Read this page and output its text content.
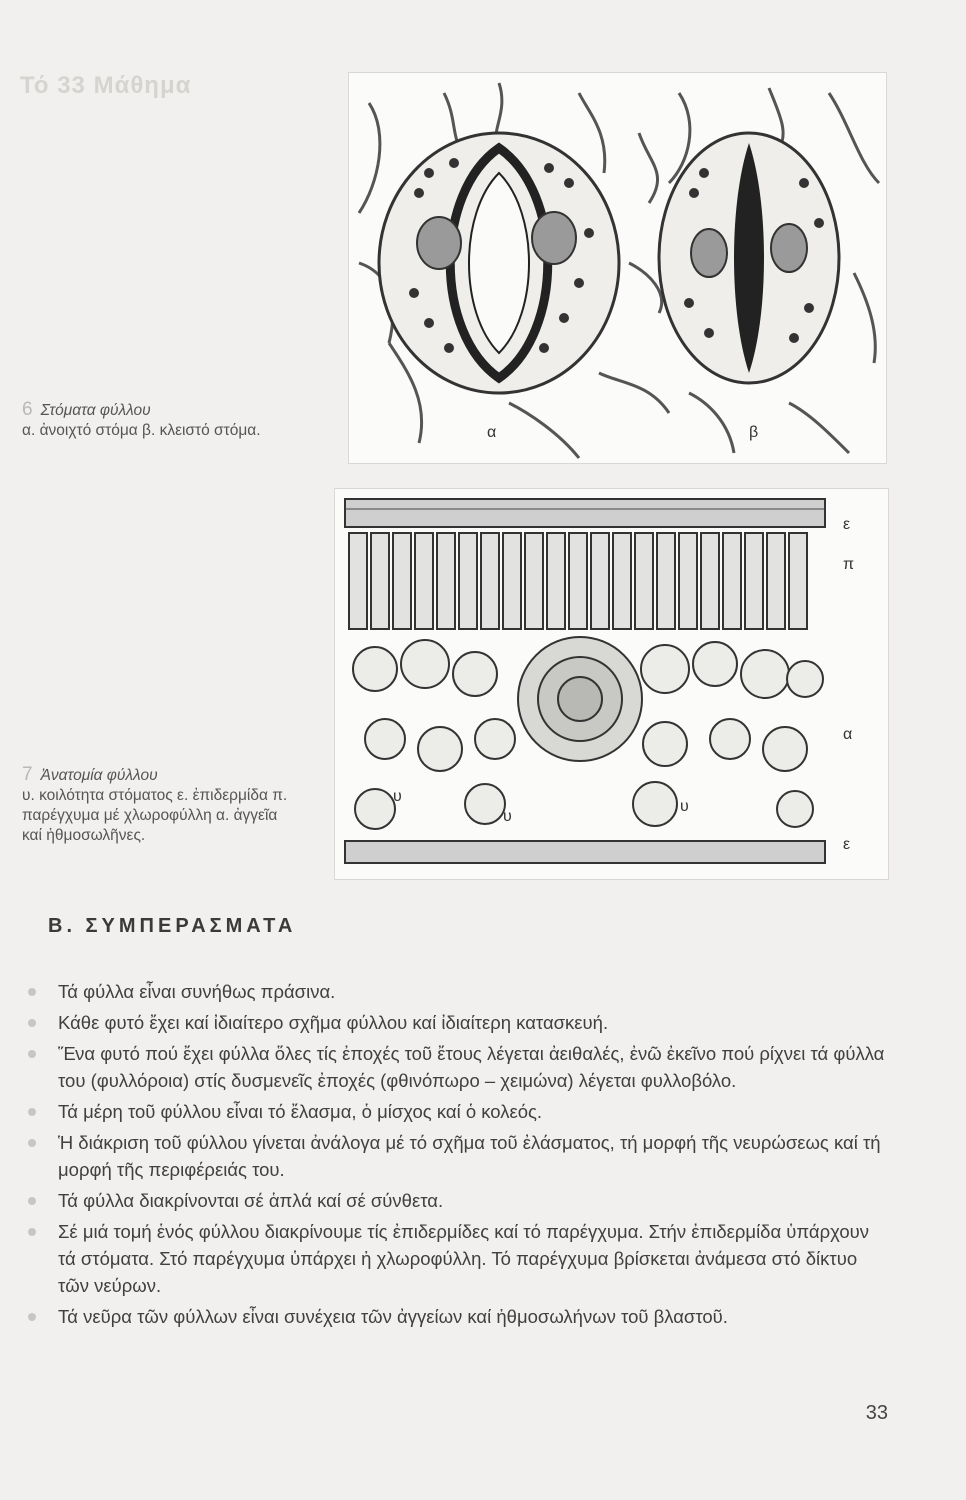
Τό 33 Μάθημα
α	β
6 Στόματα φύλλου
α. ἀνοιχτό στόμα β. κλειστό στόμα.
ε
π
α
ε
υ
υ
υ
7 Ἀνατομία φύλλου
υ. κοιλότητα στόματος ε. ἐπιδερμίδα π. παρέγχυμα μέ χλωροφύλλη α. ἀγγεῖα καί ἡθμοσωλῆνες.
Β. ΣΥΜΠΕΡΑΣΜΑΤΑ
Τά φύλλα εἶναι συνήθως πράσινα.
Κάθε φυτό ἔχει καί ἰδιαίτερο σχῆμα φύλλου καί ἰδιαίτερη κατασκευή.
Ἕνα φυτό πού ἔχει φύλλα ὅλες τίς ἐποχές τοῦ ἔτους λέγεται ἀειθαλές, ἐνῶ ἐκεῖνο πού ρίχνει τά φύλλα του (φυλλόροια) στίς δυσμενεῖς ἐποχές (φθινόπωρο – χειμώνα) λέγεται φυλλοβόλο.
Τά μέρη τοῦ φύλλου εἶναι τό ἔλασμα, ὁ μίσχος καί ὁ κολεός.
Ἡ διάκριση τοῦ φύλλου γίνεται ἀνάλογα μέ τό σχῆμα τοῦ ἐλάσματος, τή μορφή τῆς νευρώσεως καί τή μορφή τῆς περιφέρειάς του.
Τά φύλλα διακρίνονται σέ ἁπλά καί σέ σύνθετα.
Σέ μιά τομή ἑνός φύλλου διακρίνουμε τίς ἐπιδερμίδες καί τό παρέγχυμα. Στήν ἐπιδερμίδα ὑπάρχουν τά στόματα. Στό παρέγχυμα ὑπάρχει ἡ χλωροφύλλη. Τό παρέγχυμα βρίσκεται ἀνάμεσα στό δίκτυο τῶν νεύρων.
Τά νεῦρα τῶν φύλλων εἶναι συνέχεια τῶν ἀγγείων καί ἡθμοσωλήνων τοῦ βλαστοῦ.
33
